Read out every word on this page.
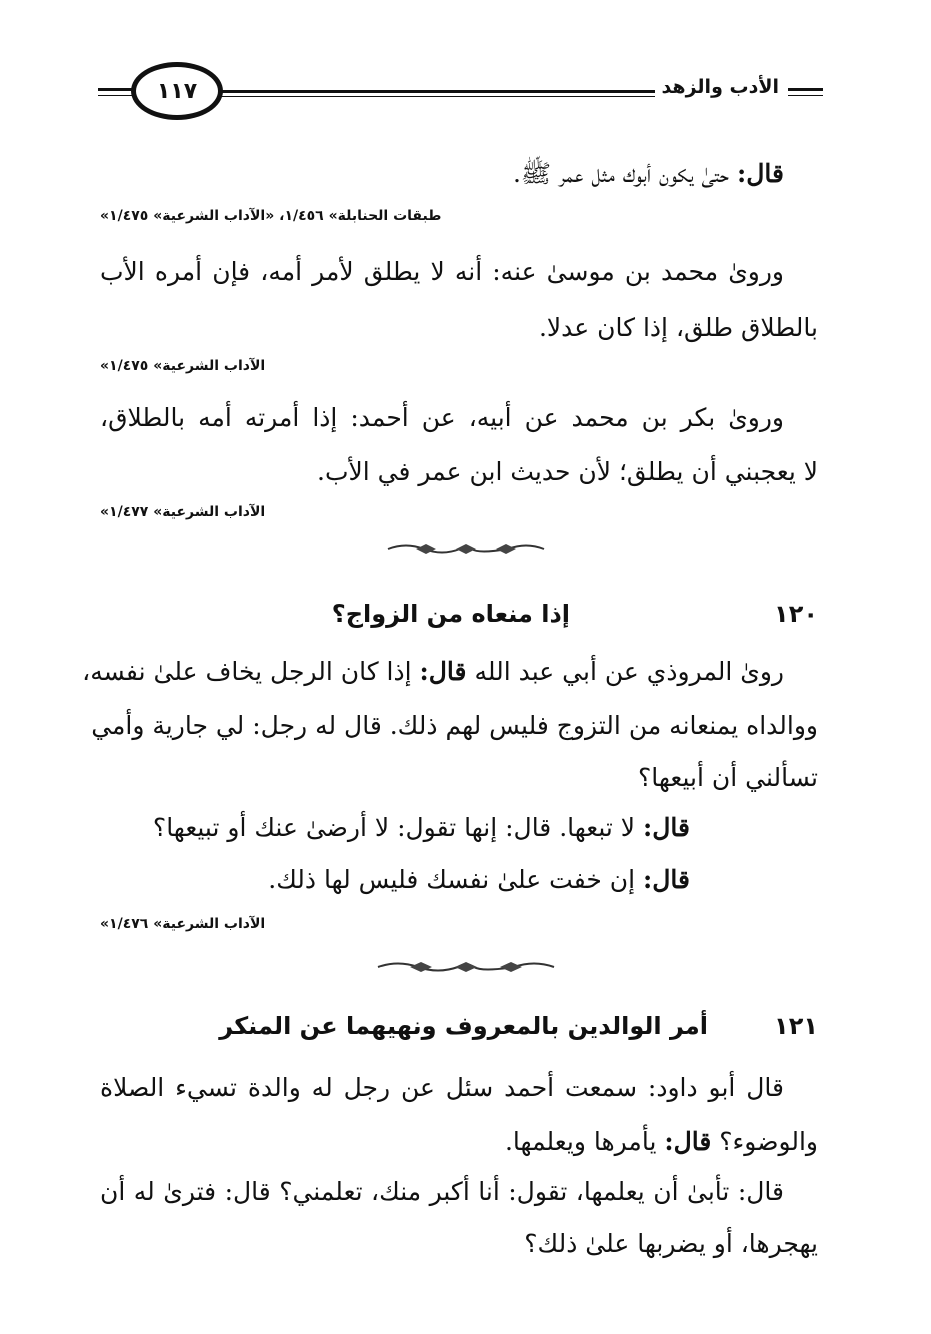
١١٧	الأدب والزهد
قال: حتىٰ يكون أبوك مثل عمر ﷺ.
«طبقات الحنابلة» ١/٤٥٦، «الآداب الشرعية» ١/٤٧٥
وروىٰ محمد بن موسىٰ عنه: أنه لا يطلق لأمر أمه، فإن أمره الأب
بالطلاق طلق، إذا كان عدلا.
«الآداب الشرعية» ١/٤٧٥
وروىٰ بكر بن محمد عن أبيه، عن أحمد: إذا أمرته أمه بالطلاق،
لا يعجبني أن يطلق؛ لأن حديث ابن عمر في الأب.
«الآداب الشرعية» ١/٤٧٧
١٢٠
إذا منعاه من الزواج؟
روىٰ المروذي عن أبي عبد الله قال: إذا كان الرجل يخاف علىٰ نفسه،
ووالداه يمنعانه من التزوج فليس لهم ذلك. قال له رجل: لي جارية وأمي
تسألني أن أبيعها؟
قال: لا تبعها. قال: إنها تقول: لا أرضىٰ عنك أو تبيعها؟
قال: إن خفت علىٰ نفسك فليس لها ذلك.
«الآداب الشرعية» ١/٤٧٦
١٢١
أمر الوالدين بالمعروف ونهيهما عن المنكر
قال أبو داود: سمعت أحمد سئل عن رجل له والدة تسيء الصلاة
والوضوء؟ قال: يأمرها ويعلمها.
قال: تأبىٰ أن يعلمها، تقول: أنا أكبر منك، تعلمني؟ قال: فترىٰ له أن
يهجرها، أو يضربها علىٰ ذلك؟
